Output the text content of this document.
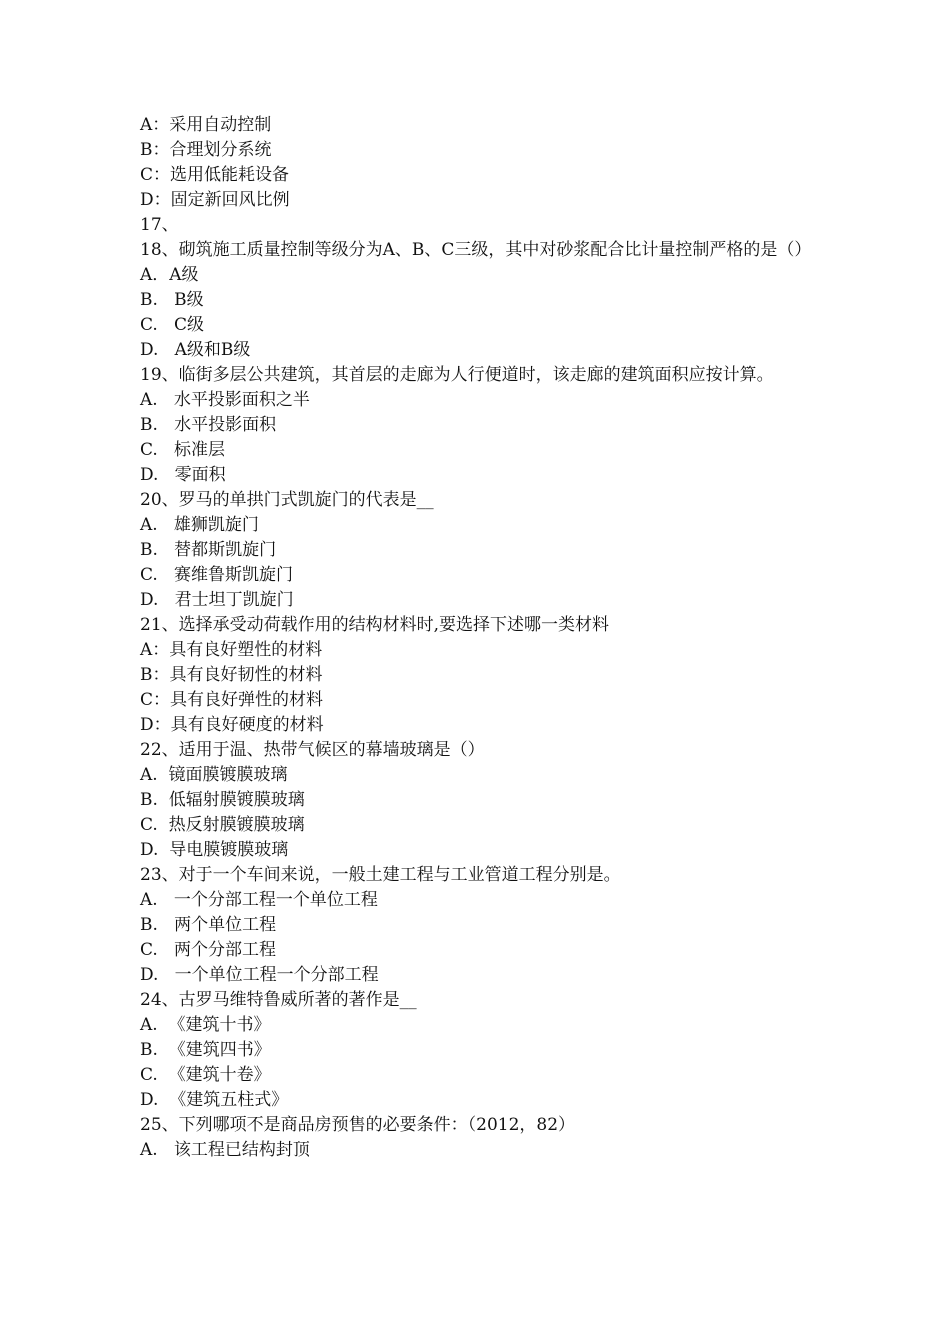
A：采用自动控制
B：合理划分系统
C：选用低能耗设备
D：固定新回风比例
17、
18、砌筑施工质量控制等级分为A、B、C三级，其中对砂浆配合比计量控制严格的是（）
A．A级
B.   B级
C.   C级
D.   A级和B级
19、临街多层公共建筑，其首层的走廊为人行便道时，该走廊的建筑面积应按计算。
A.   水平投影面积之半
B.   水平投影面积
C.   标准层
D.   零面积
20、罗马的单拱门式凯旋门的代表是__
A.   雄狮凯旋门
B.   替都斯凯旋门
C.   赛维鲁斯凯旋门
D.   君士坦丁凯旋门
21、选择承受动荷载作用的结构材料时,要选择下述哪一类材料
A：具有良好塑性的材料
B：具有良好韧性的材料
C：具有良好弹性的材料
D：具有良好硬度的材料
22、适用于温、热带气候区的幕墙玻璃是（）
A.  镜面膜镀膜玻璃
B.  低辐射膜镀膜玻璃
C.  热反射膜镀膜玻璃
D.  导电膜镀膜玻璃
23、对于一个车间来说，一般土建工程与工业管道工程分别是。
A.   一个分部工程一个单位工程
B.   两个单位工程
C.   两个分部工程
D.   一个单位工程一个分部工程
24、古罗马维特鲁威所著的著作是__
A.  《建筑十书》
B.  《建筑四书》
C.  《建筑十卷》
D.  《建筑五柱式》
25、下列哪项不是商品房预售的必要条件：（2012，82）
A.   该工程已结构封顶
